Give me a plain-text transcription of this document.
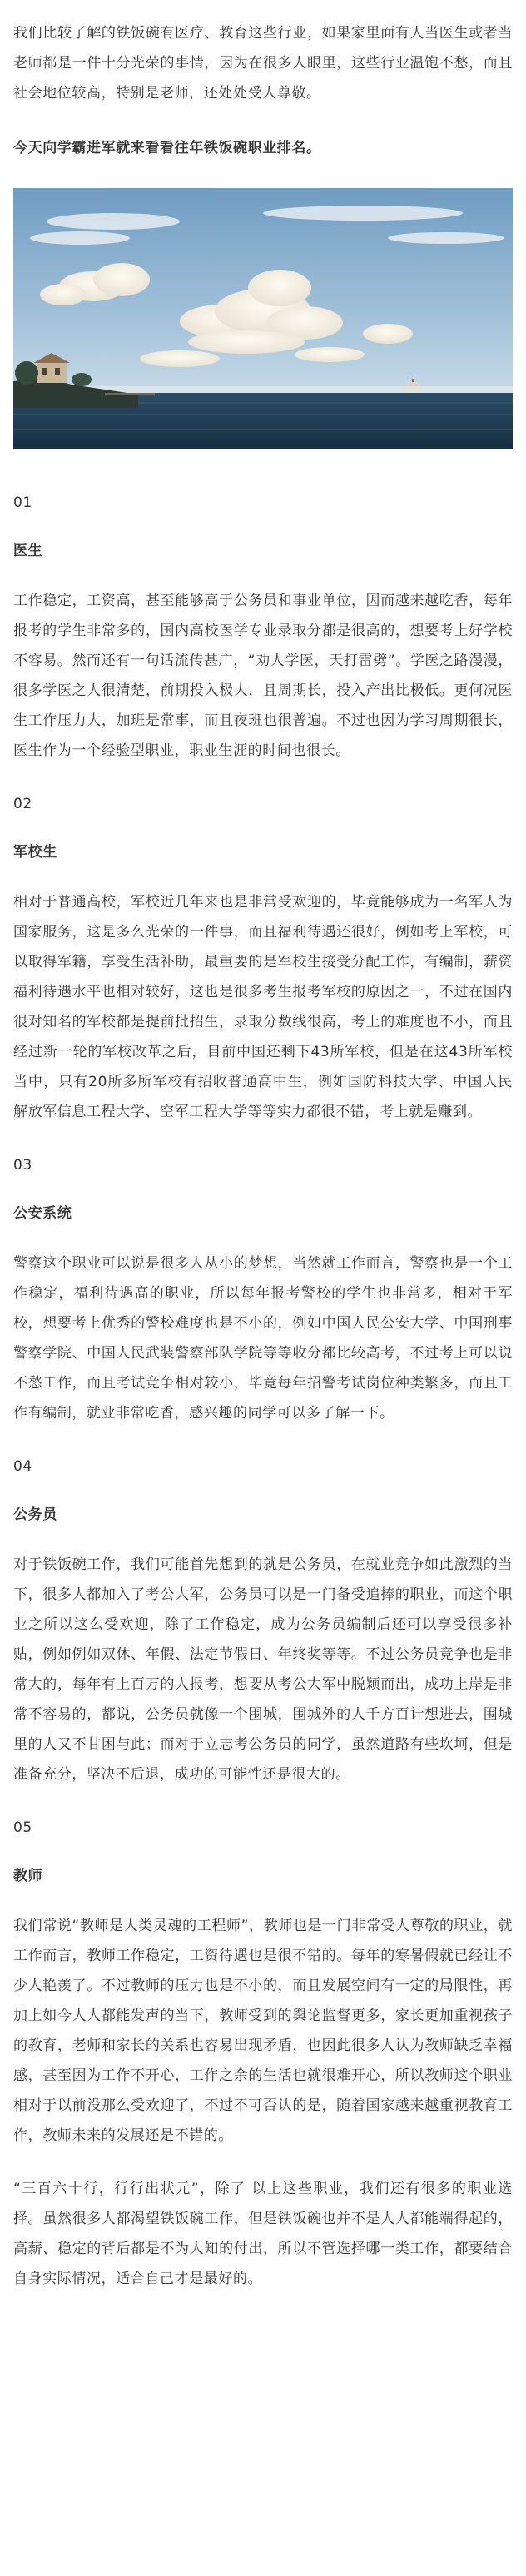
我们比较了解的铁饭碗有医疗、教育这些行业，如果家里面有人当医生或者当老师都是一件十分光荣的事情，因为在很多人眼里，这些行业温饱不愁，而且社会地位较高，特别是老师，还处处受人尊敬。

今天向学霸进军就来看看往年铁饭碗职业排名。

01

医生

工作稳定，工资高，甚至能够高于公务员和事业单位，因而越来越吃香，每年报考的学生非常多的，国内高校医学专业录取分都是很高的，想要考上好学校不容易。然而还有一句话流传甚广，“劝人学医，天打雷劈”。学医之路漫漫，很多学医之人很清楚，前期投入极大，且周期长，投入产出比极低。更何况医生工作压力大，加班是常事，而且夜班也很普遍。不过也因为学习周期很长，医生作为一个经验型职业，职业生涯的时间也很长。

02

军校生

相对于普通高校，军校近几年来也是非常受欢迎的，毕竟能够成为一名军人为国家服务，这是多么光荣的一件事，而且福利待遇还很好，例如考上军校，可以取得军籍，享受生活补助，最重要的是军校生接受分配工作，有编制，薪资福利待遇水平也相对较好，这也是很多考生报考军校的原因之一，不过在国内很对知名的军校都是提前批招生，录取分数线很高，考上的难度也不小，而且经过新一轮的军校改革之后，目前中国还剩下43所军校，但是在这43所军校当中，只有20所多所军校有招收普通高中生，例如国防科技大学、中国人民解放军信息工程大学、空军工程大学等等实力都很不错，考上就是赚到。

03

公安系统

警察这个职业可以说是很多人从小的梦想，当然就工作而言，警察也是一个工作稳定，福利待遇高的职业，所以每年报考警校的学生也非常多，相对于军校，想要考上优秀的警校难度也是不小的，例如中国人民公安大学、中国刑事警察学院、中国人民武装警察部队学院等等收分都比较高考，不过考上可以说不愁工作，而且考试竞争相对较小，毕竟每年招警考试岗位种类繁多，而且工作有编制，就业非常吃香，感兴趣的同学可以多了解一下。

04

公务员

对于铁饭碗工作，我们可能首先想到的就是公务员，在就业竞争如此激烈的当下，很多人都加入了考公大军，公务员可以是一门备受追捧的职业，而这个职业之所以这么受欢迎，除了工作稳定，成为公务员编制后还可以享受很多补贴，例如例如双休、年假、法定节假日、年终奖等等。不过公务员竞争也是非常大的，每年有上百万的人报考，想要从考公大军中脱颖而出，成功上岸是非常不容易的，都说，公务员就像一个围城，围城外的人千方百计想进去，围城里的人又不甘困与此；而对于立志考公务员的同学，虽然道路有些坎坷，但是准备充分，坚决不后退，成功的可能性还是很大的。

05

教师

我们常说“教师是人类灵魂的工程师”，教师也是一门非常受人尊敬的职业，就工作而言，教师工作稳定，工资待遇也是很不错的。每年的寒暑假就已经让不少人艳羡了。不过教师的压力也是不小的，而且发展空间有一定的局限性，再加上如今人人都能发声的当下，教师受到的舆论监督更多，家长更加重视孩子的教育，老师和家长的关系也容易出现矛盾，也因此很多人认为教师缺乏幸福感，甚至因为工作不开心，工作之余的生活也就很难开心，所以教师这个职业相对于以前没那么受欢迎了，不过不可否认的是，随着国家越来越重视教育工作，教师未来的发展还是不错的。

“三百六十行，行行出状元”，除了 以上这些职业，我们还有很多的职业选择。虽然很多人都渴望铁饭碗工作，但是铁饭碗也并不是人人都能端得起的，高薪、稳定的背后都是不为人知的付出，所以不管选择哪一类工作，都要结合自身实际情况，适合自己才是最好的。
